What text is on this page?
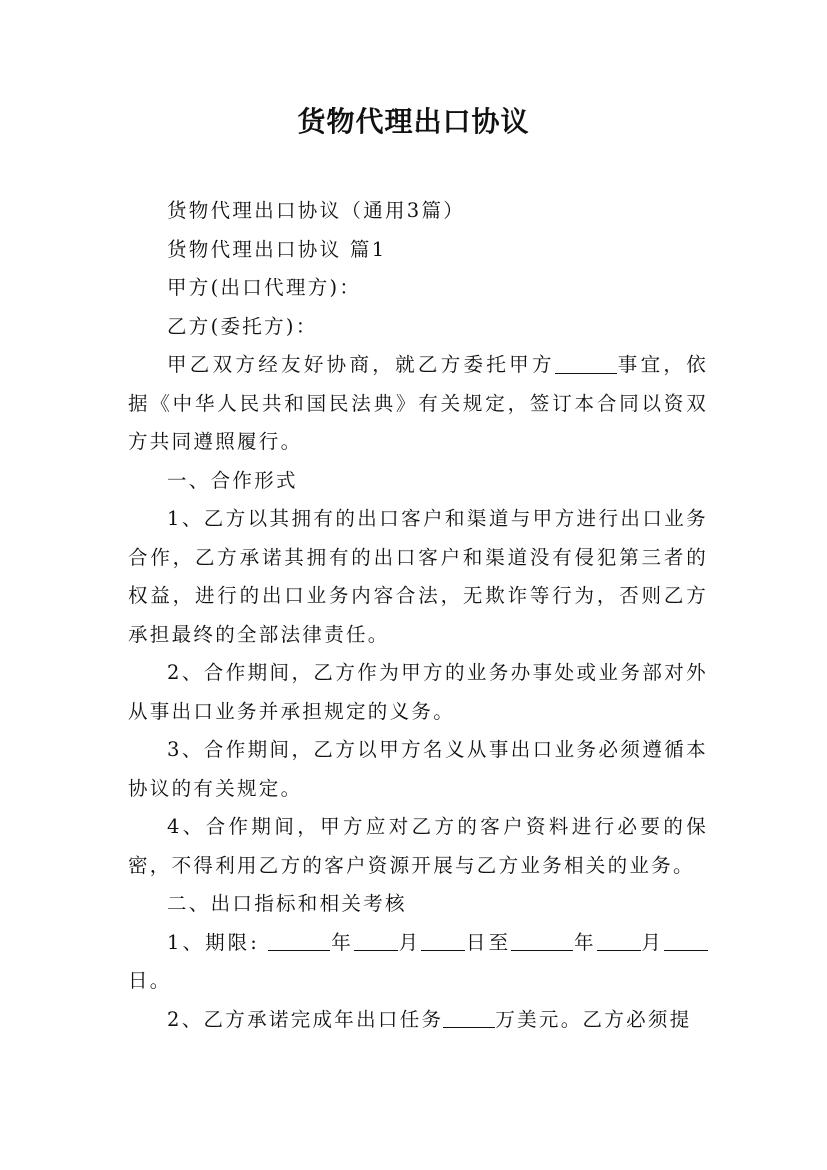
货物代理出口协议

货物代理出口协议（通用3篇）

货物代理出口协议 篇1

甲方(出口代理方)：

乙方(委托方)：

甲乙双方经友好协商，就乙方委托甲方	事宜，依据《中华人民共和国民法典》有关规定，签订本合同以资双方共同遵照履行。

一、合作形式

1、乙方以其拥有的出口客户和渠道与甲方进行出口业务合作，乙方承诺其拥有的出口客户和渠道没有侵犯第三者的权益，进行的出口业务内容合法，无欺诈等行为，否则乙方承担最终的全部法律责任。

2、合作期间，乙方作为甲方的业务办事处或业务部对外从事出口业务并承担规定的义务。

3、合作期间，乙方以甲方名义从事出口业务必须遵循本协议的有关规定。

4、合作期间，甲方应对乙方的客户资料进行必要的保密，不得利用乙方的客户资源开展与乙方业务相关的业务。

二、出口指标和相关考核

1、期限:	年 月 日至	年 月日。

2、乙方承诺完成年出口任务	万美元。乙方必须提
